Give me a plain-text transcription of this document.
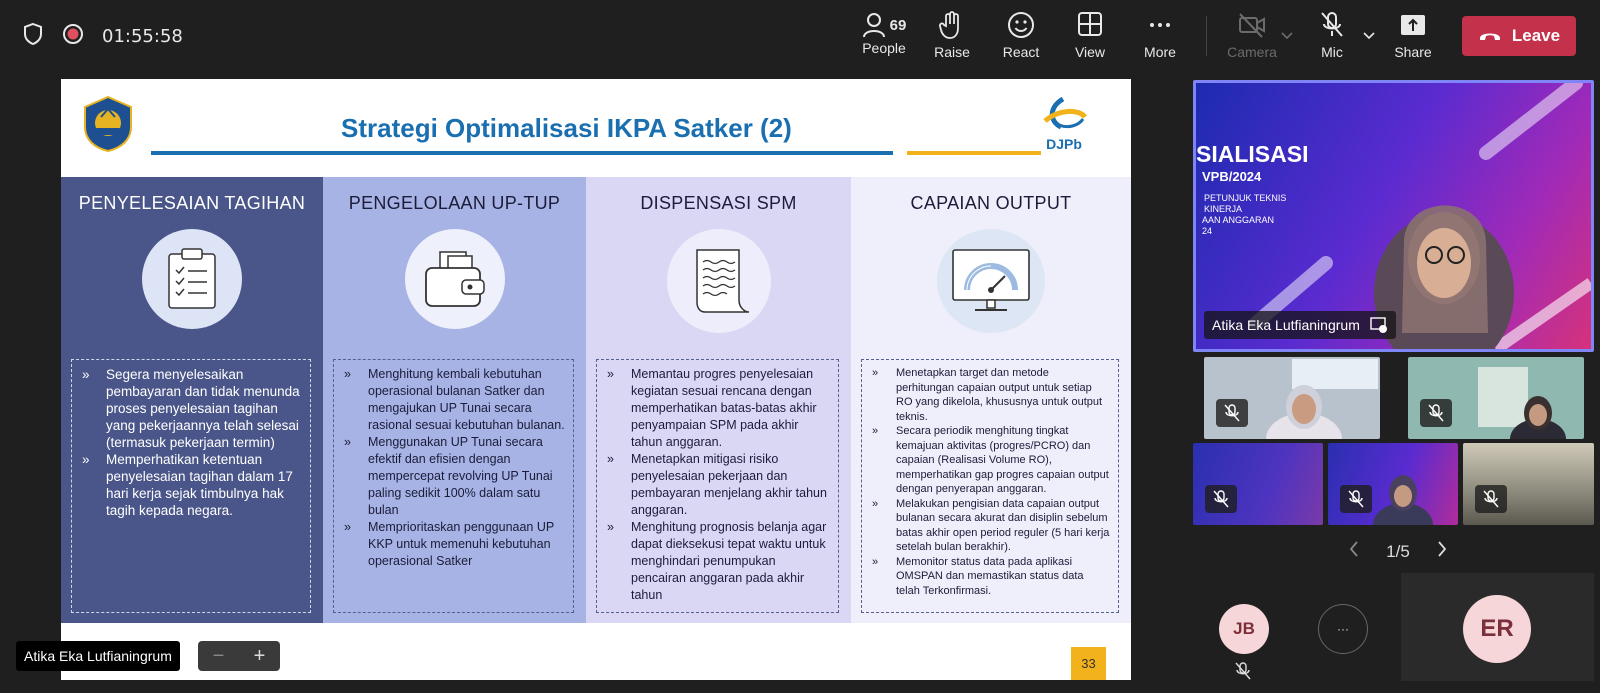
01:55:58
69
People	Raise	React	View	More	Camera	Mic	Share
Leave
Strategi Optimalisasi IKPA Satker (2)
DJPb
PENYELESAIAN TAGIHAN
» Segera menyelesaikan pembayaran dan tidak menunda proses penyelesaian tagihan yang pekerjaannya telah selesai (termasuk pekerjaan termin)
» Memperhatikan ketentuan penyelesaian tagihan dalam 17 hari kerja sejak timbulnya hak tagih kepada negara.
PENGELOLAAN UP-TUP
» Menghitung kembali kebutuhan operasional bulanan Satker dan mengajukan UP Tunai secara rasional sesuai kebutuhan bulanan.
» Menggunakan UP Tunai secara efektif dan efisien dengan mempercepat revolving UP Tunai paling sedikit 100% dalam satu bulan
» Memprioritaskan penggunaan UP KKP untuk memenuhi kebutuhan operasional Satker
DISPENSASI SPM
» Memantau progres penyelesaian kegiatan sesuai rencana dengan memperhatikan batas-batas akhir penyampaian SPM pada akhir tahun anggaran.
» Menetapkan mitigasi risiko penyelesaian pekerjaan dan pembayaran menjelang akhir tahun anggaran.
» Menghitung prognosis belanja agar dapat dieksekusi tepat waktu untuk menghindari penumpukan pencairan anggaran pada akhir tahun
CAPAIAN OUTPUT
» Menetapkan target dan metode perhitungan capaian output untuk setiap RO yang dikelola, khususnya untuk output teknis.
» Secara periodik menghitung tingkat kemajuan aktivitas (progres/PCRO) dan capaian (Realisasi Volume RO), memperhatikan gap progres capaian output dengan penyerapan anggaran.
» Melakukan pengisian data capaian output bulanan secara akurat dan disiplin sebelum batas akhir open period reguler (5 hari kerja setelah bulan berakhir).
» Memonitor status data pada aplikasi OMSPAN dan memastikan status data telah Terkonfirmasi.
33
Atika Eka Lutfianingrum	− +
SIALISASI
VPB/2024
PETUNJUK TEKNIS
KINERJA
AAN ANGGARAN
24
Atika Eka Lutfianingrum
1/5
JB	···	ER
